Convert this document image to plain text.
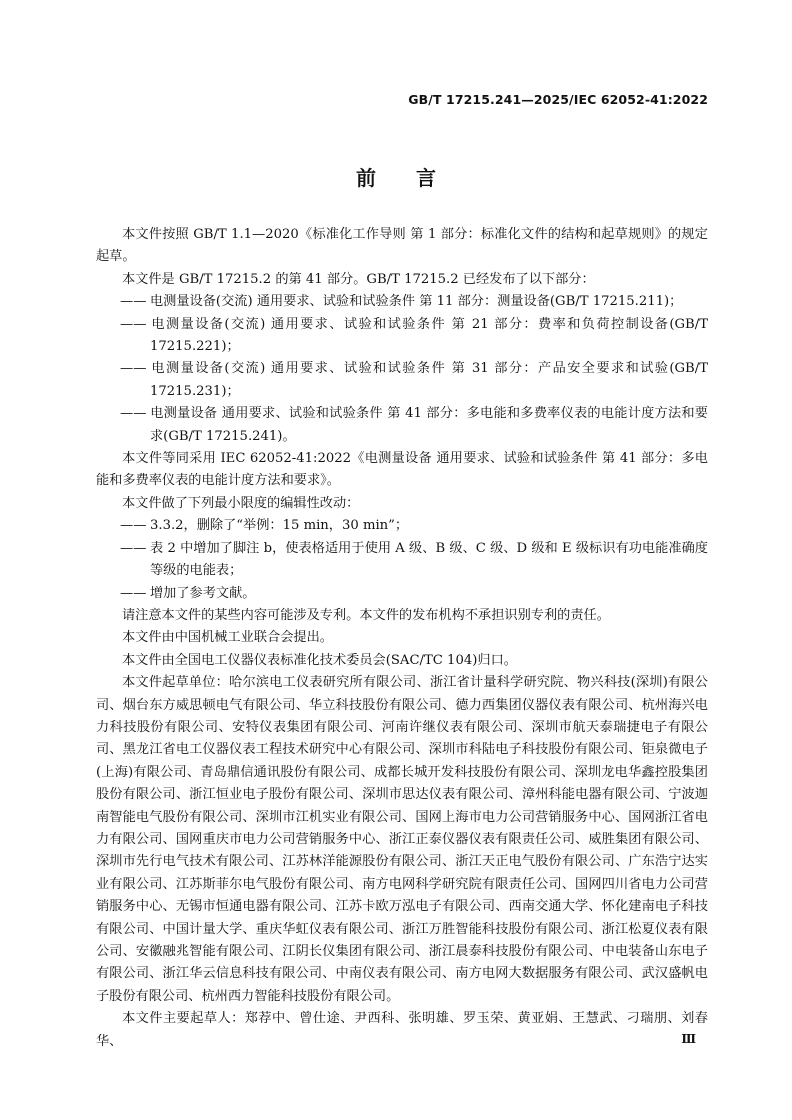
GB/T 17215.241—2025/IEC 62052-41:2022
前言

本文件按照 GB/T 1.1—2020《标准化工作导则 第 1 部分：标准化文件的结构和起草规则》的规定起草。

本文件是 GB/T 17215.2 的第 41 部分。GB/T 17215.2 已经发布了以下部分：

—— 电测量设备(交流) 通用要求、试验和试验条件 第 11 部分：测量设备(GB/T 17215.211)；

—— 电测量设备(交流) 通用要求、试验和试验条件 第 21 部分：费率和负荷控制设备(GB/T 17215.221)；

—— 电测量设备(交流) 通用要求、试验和试验条件 第 31 部分：产品安全要求和试验(GB/T 17215.231)；

—— 电测量设备 通用要求、试验和试验条件 第 41 部分：多电能和多费率仪表的电能计度方法和要求(GB/T 17215.241)。

本文件等同采用 IEC 62052-41:2022《电测量设备 通用要求、试验和试验条件 第 41 部分：多电能和多费率仪表的电能计度方法和要求》。

本文件做了下列最小限度的编辑性改动：

—— 3.3.2，删除了“举例：15 min，30 min”；

—— 表 2 中增加了脚注 b，使表格适用于使用 A 级、B 级、C 级、D 级和 E 级标识有功电能准确度等级的电能表；

—— 增加了参考文献。

请注意本文件的某些内容可能涉及专利。本文件的发布机构不承担识别专利的责任。

本文件由中国机械工业联合会提出。

本文件由全国电工仪器仪表标准化技术委员会(SAC/TC 104)归口。

本文件起草单位：哈尔滨电工仪表研究所有限公司、浙江省计量科学研究院、物兴科技(深圳)有限公司、烟台东方威思顿电气有限公司、华立科技股份有限公司、德力西集团仪器仪表有限公司、杭州海兴电力科技股份有限公司、安特仪表集团有限公司、河南许继仪表有限公司、深圳市航天泰瑞捷电子有限公司、黑龙江省电工仪器仪表工程技术研究中心有限公司、深圳市科陆电子科技股份有限公司、钜泉微电子(上海)有限公司、青岛鼎信通讯股份有限公司、成都长城开发科技股份有限公司、深圳龙电华鑫控股集团股份有限公司、浙江恒业电子股份有限公司、深圳市思达仪表有限公司、漳州科能电器有限公司、宁波迦南智能电气股份有限公司、深圳市江机实业有限公司、国网上海市电力公司营销服务中心、国网浙江省电力有限公司、国网重庆市电力公司营销服务中心、浙江正泰仪器仪表有限责任公司、威胜集团有限公司、深圳市先行电气技术有限公司、江苏林洋能源股份有限公司、浙江天正电气股份有限公司、广东浩宁达实业有限公司、江苏斯菲尔电气股份有限公司、南方电网科学研究院有限责任公司、国网四川省电力公司营销服务中心、无锡市恒通电器有限公司、江苏卡欧万泓电子有限公司、西南交通大学、怀化建南电子科技有限公司、中国计量大学、重庆华虹仪表有限公司、浙江万胜智能科技股份有限公司、浙江松夏仪表有限公司、安徽融兆智能有限公司、江阴长仪集团有限公司、浙江晨泰科技股份有限公司、中电装备山东电子有限公司、浙江华云信息科技有限公司、中南仪表有限公司、南方电网大数据服务有限公司、武汉盛帆电子股份有限公司、杭州西力智能科技股份有限公司。

本文件主要起草人：郑荐中、曾仕途、尹西科、张明雄、罗玉荣、黄亚娟、王慧武、刁瑞朋、刘春华、	Ⅲ
